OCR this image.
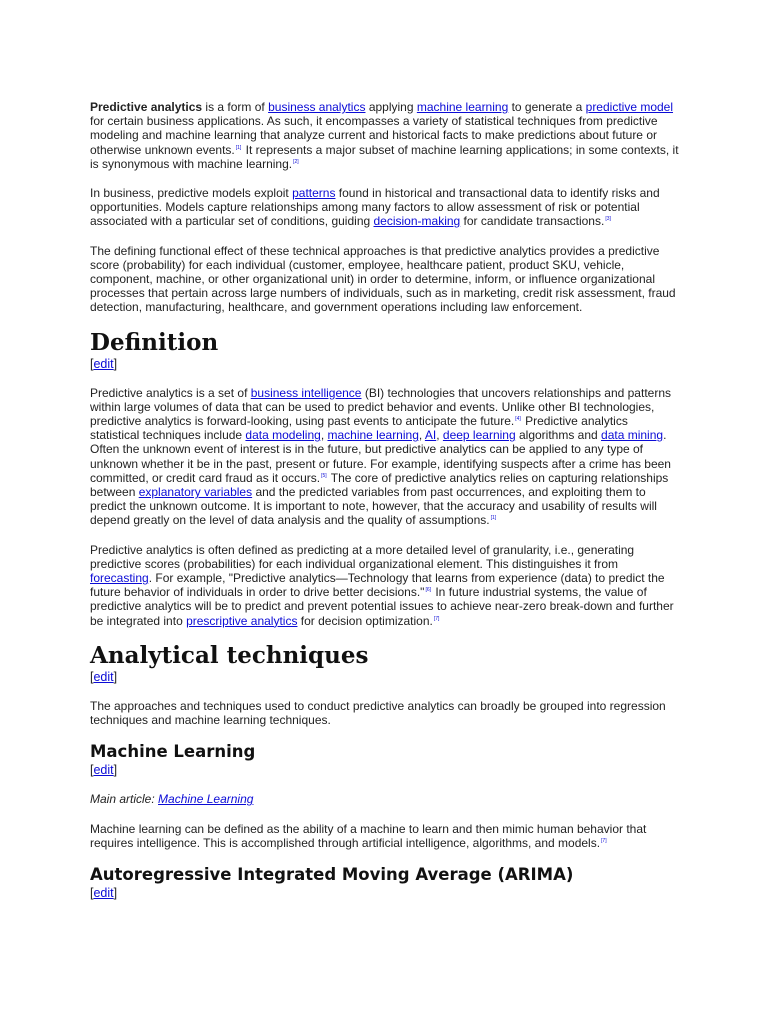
Predictive analytics is a form of business analytics applying machine learning to generate a predictive model for certain business applications. As such, it encompasses a variety of statistical techniques from predictive modeling and machine learning that analyze current and historical facts to make predictions about future or otherwise unknown events.[1] It represents a major subset of machine learning applications; in some contexts, it is synonymous with machine learning.[2]

In business, predictive models exploit patterns found in historical and transactional data to identify risks and opportunities. Models capture relationships among many factors to allow assessment of risk or potential associated with a particular set of conditions, guiding decision-making for candidate transactions.[3]

The defining functional effect of these technical approaches is that predictive analytics provides a predictive score (probability) for each individual (customer, employee, healthcare patient, product SKU, vehicle, component, machine, or other organizational unit) in order to determine, inform, or influence organizational processes that pertain across large numbers of individuals, such as in marketing, credit risk assessment, fraud detection, manufacturing, healthcare, and government operations including law enforcement.

Definition
[edit]

Predictive analytics is a set of business intelligence (BI) technologies that uncovers relationships and patterns within large volumes of data that can be used to predict behavior and events. Unlike other BI technologies, predictive analytics is forward-looking, using past events to anticipate the future.[4] Predictive analytics statistical techniques include data modeling, machine learning, AI, deep learning algorithms and data mining. Often the unknown event of interest is in the future, but predictive analytics can be applied to any type of unknown whether it be in the past, present or future. For example, identifying suspects after a crime has been committed, or credit card fraud as it occurs.[5] The core of predictive analytics relies on capturing relationships between explanatory variables and the predicted variables from past occurrences, and exploiting them to predict the unknown outcome. It is important to note, however, that the accuracy and usability of results will depend greatly on the level of data analysis and the quality of assumptions.[1]

Predictive analytics is often defined as predicting at a more detailed level of granularity, i.e., generating predictive scores (probabilities) for each individual organizational element. This distinguishes it from forecasting. For example, "Predictive analytics—Technology that learns from experience (data) to predict the future behavior of individuals in order to drive better decisions."[6] In future industrial systems, the value of predictive analytics will be to predict and prevent potential issues to achieve near-zero break-down and further be integrated into prescriptive analytics for decision optimization.[7]

Analytical techniques
[edit]

The approaches and techniques used to conduct predictive analytics can broadly be grouped into regression techniques and machine learning techniques.

Machine Learning
[edit]

Main article: Machine Learning

Machine learning can be defined as the ability of a machine to learn and then mimic human behavior that requires intelligence. This is accomplished through artificial intelligence, algorithms, and models.[7]

Autoregressive Integrated Moving Average (ARIMA)
[edit]
